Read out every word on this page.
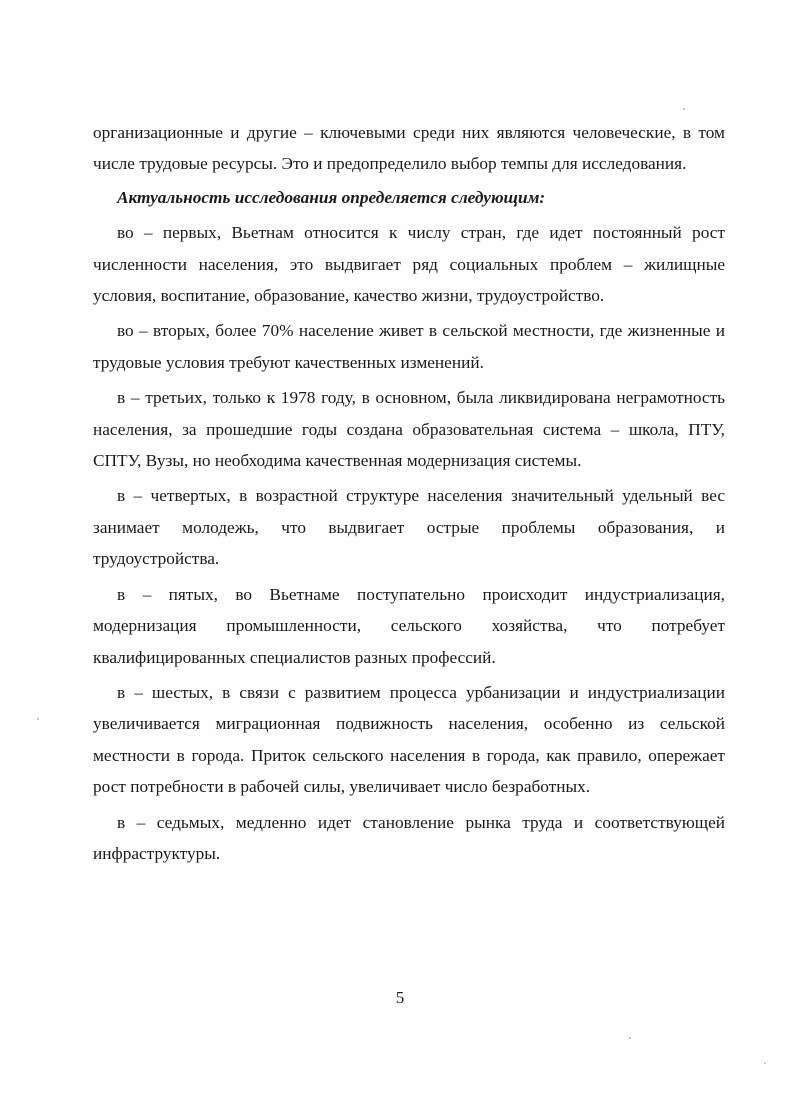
организационные и другие – ключевыми среди них являются человеческие, в том числе трудовые ресурсы. Это и предопределило выбор темпы для исследования.

Актуальность исследования определяется следующим:

во – первых, Вьетнам относится к числу стран, где идет постоянный рост численности населения, это выдвигает ряд социальных проблем – жилищные условия, воспитание, образование, качество жизни, трудоустройство.

во – вторых, более 70% население живет в сельской местности, где жизненные и трудовые условия требуют качественных изменений.

в – третьих, только к 1978 году, в основном, была ликвидирована неграмотность населения, за прошедшие годы создана образовательная система – школа, ПТУ, СПТУ, Вузы, но необходима качественная модернизация системы.

в – четвертых, в возрастной структуре населения значительный удельный вес занимает молодежь, что выдвигает острые проблемы образования, и трудоустройства.

в – пятых, во Вьетнаме поступательно происходит индустриализация, модернизация промышленности, сельского хозяйства, что потребует квалифицированных специалистов разных профессий.

в – шестых, в связи с развитием процесса урбанизации и индустриализации увеличивается миграционная подвижность населения, особенно из сельской местности в города. Приток сельского населения в города, как правило, опережает рост потребности в рабочей силы, увеличивает число безработных.

в – седьмых, медленно идет становление рынка труда и соответствующей инфраструктуры.

5
